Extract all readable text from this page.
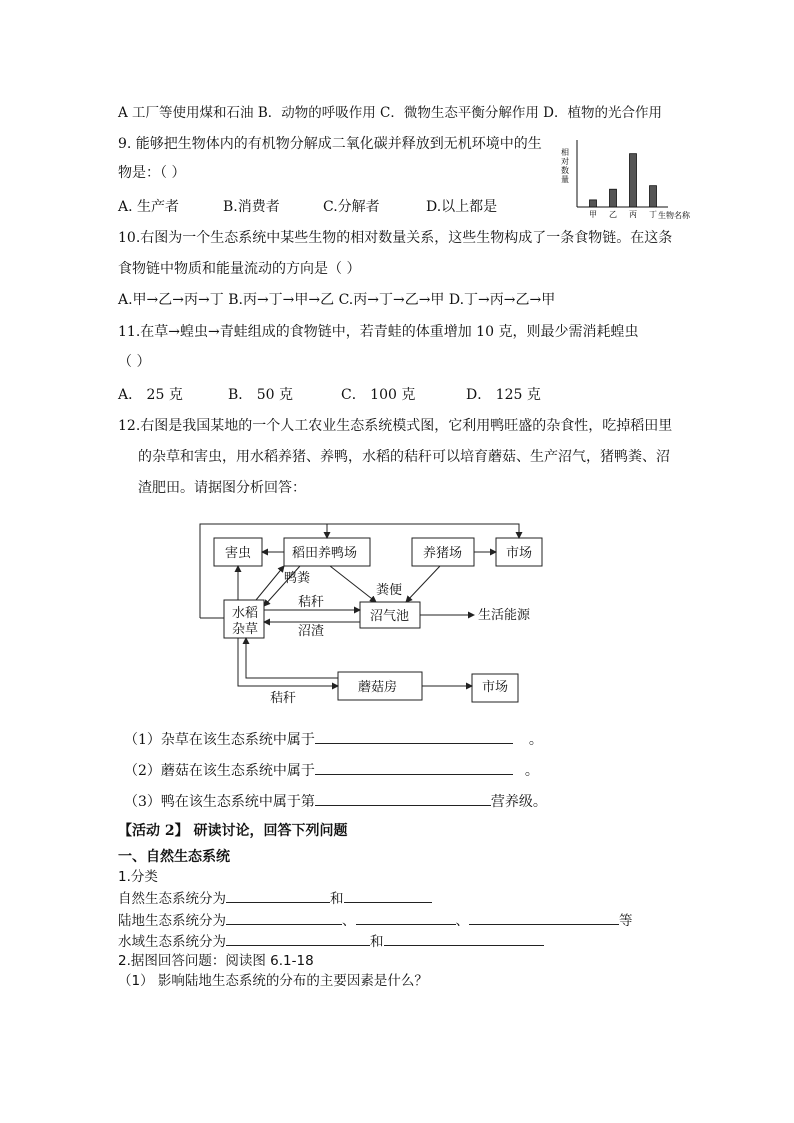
A 工厂等使用煤和石油 B．动物的呼吸作用 C．微物生态平衡分解作用 D．植物的光合作用
9. 能够把生物体内的有机物分解成二氧化碳并释放到无机环境中的生
物是：（ ）
A. 生产者	B.消费者	C.分解者	D.以上都是
相对数量
生物名称
甲 乙 丙 丁
10.右图为一个生态系统中某些生物的相对数量关系，这些生物构成了一条食物链。在这条
食物链中物质和能量流动的方向是（ ）
A.甲→乙→丙→丁 B.丙→丁→甲→乙 C.丙→丁→乙→甲 D.丁→丙→乙→甲
11.在草→蝗虫→青蛙组成的食物链中，若青蛙的体重增加 10 克，则最少需消耗蝗虫
（ ）
A． 25 克	B． 50 克	C． 100 克	D． 125 克
12.右图是我国某地的一个人工农业生态系统模式图，它利用鸭旺盛的杂食性，吃掉稻田里
的杂草和害虫，用水稻养猪、养鸭，水稻的秸秆可以培育蘑菇、生产沼气，猪鸭粪、沼
渣肥田。请据图分析回答：
害虫	稻田养鸭场	养猪场	市场
水稻
杂草
沼气池
蘑菇房	市场
鸭粪
粪便
秸秆
沼渣
生活能源
秸秆
（1）杂草在该生态系统中属于	。
（2）蘑菇在该生态系统中属于	。
（3）鸭在该生态系统中属于第	营养级。
【活动 2】 研读讨论，回答下列问题
一、自然生态系统
1.分类
自然生态系统分为	和
陆地生态系统分为	、	、	等
水域生态系统分为	和
2.据图回答问题：阅读图 6.1-18
（1） 影响陆地生态系统的分布的主要因素是什么？
